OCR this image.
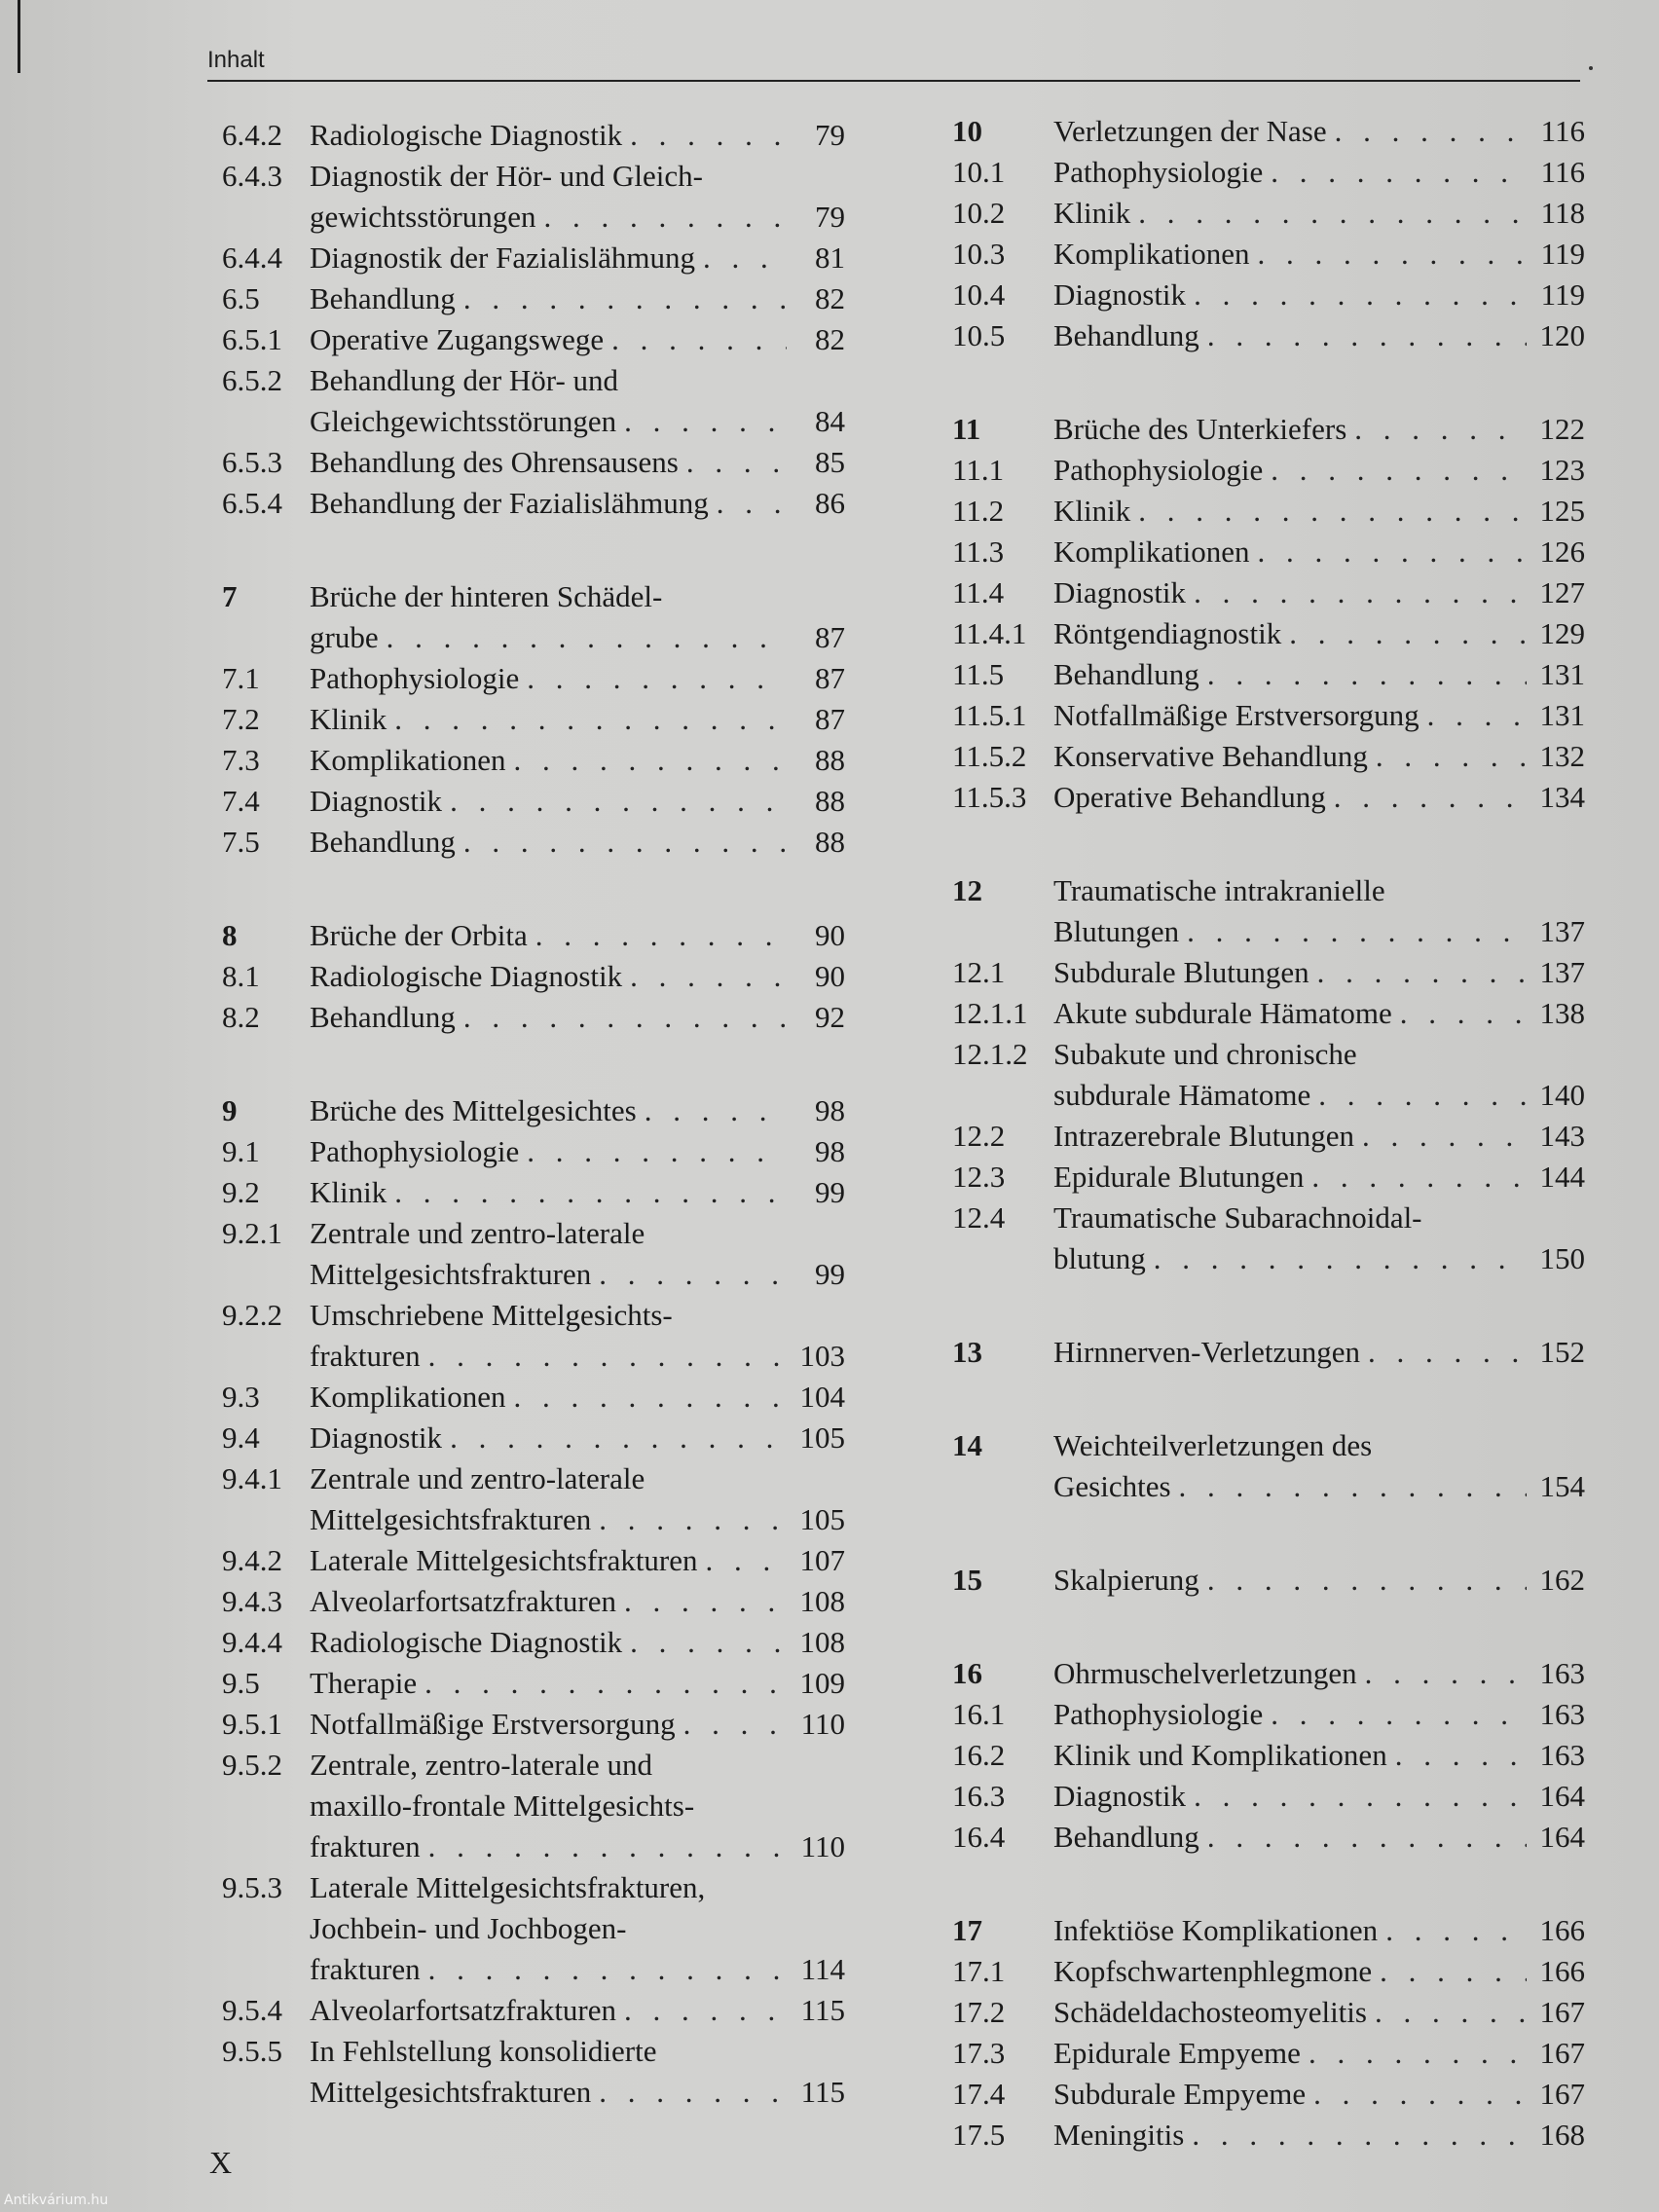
Inhalt
6.4.2 Radiologische Diagnostik . . .	79
6.4.3 Diagnostik der Hör- und Gleich-
gewichtsstörungen . . .	79
6.4.4 Diagnostik der Fazialislähmung . . .	81
6.5 Behandlung . . .	82
6.5.1 Operative Zugangswege . . .	82
6.5.2 Behandlung der Hör- und
Gleichgewichtsstörungen . . .	84
6.5.3 Behandlung des Ohrensausens . . .	85
6.5.4 Behandlung der Fazialislähmung . . .	86
7 Brüche der hinteren Schädel-
grube . . .	87
7.1 Pathophysiologie . . .	87
7.2 Klinik . . .	87
7.3 Komplikationen . . .	88
7.4 Diagnostik . . .	88
7.5 Behandlung . . .	88
8 Brüche der Orbita . . .	90
8.1 Radiologische Diagnostik . . .	90
8.2 Behandlung . . .	92
9 Brüche des Mittelgesichtes . . .	98
9.1 Pathophysiologie . . .	98
9.2 Klinik . . .	99
9.2.1 Zentrale und zentro-laterale
Mittelgesichtsfrakturen . . .	99
9.2.2 Umschriebene Mittelgesichts-
frakturen . . .	103
9.3 Komplikationen . . .	104
9.4 Diagnostik . . .	105
9.4.1 Zentrale und zentro-laterale
Mittelgesichtsfrakturen . . .	105
9.4.2 Laterale Mittelgesichtsfrakturen . . .	107
9.4.3 Alveolarfortsatzfrakturen . . .	108
9.4.4 Radiologische Diagnostik . . .	108
9.5 Therapie . . .	109
9.5.1 Notfallmäßige Erstversorgung . . .	110
9.5.2 Zentrale, zentro-laterale und
maxillo-frontale Mittelgesichts-
frakturen . . .	110
9.5.3 Laterale Mittelgesichtsfrakturen,
Jochbein- und Jochbogen-
frakturen . . .	114
9.5.4 Alveolarfortsatzfrakturen . . .	115
9.5.5 In Fehlstellung konsolidierte
Mittelgesichtsfrakturen . . .	115
10 Verletzungen der Nase . . .	116
10.1 Pathophysiologie . . .	116
10.2 Klinik . . .	118
10.3 Komplikationen . . .	119
10.4 Diagnostik . . .	119
10.5 Behandlung . . .	120
11 Brüche des Unterkiefers . . .	122
11.1 Pathophysiologie . . .	123
11.2 Klinik . . .	125
11.3 Komplikationen . . .	126
11.4 Diagnostik . . .	127
11.4.1 Röntgendiagnostik . . .	129
11.5 Behandlung . . .	131
11.5.1 Notfallmäßige Erstversorgung . . .	131
11.5.2 Konservative Behandlung . . .	132
11.5.3 Operative Behandlung . . .	134
12 Traumatische intrakranielle
Blutungen . . .	137
12.1 Subdurale Blutungen . . .	137
12.1.1 Akute subdurale Hämatome . . .	138
12.1.2 Subakute und chronische
subdurale Hämatome . . .	140
12.2 Intrazerebrale Blutungen . . .	143
12.3 Epidurale Blutungen . . .	144
12.4 Traumatische Subarachnoidal-
blutung . . .	150
13 Hirnnerven-Verletzungen . . .	152
14 Weichteilverletzungen des
Gesichtes . . .	154
15 Skalpierung . . .	162
16 Ohrmuschelverletzungen . . .	163
16.1 Pathophysiologie . . .	163
16.2 Klinik und Komplikationen . . .	163
16.3 Diagnostik . . .	164
16.4 Behandlung . . .	164
17 Infektiöse Komplikationen . . .	166
17.1 Kopfschwartenphlegmone . . .	166
17.2 Schädeldachosteomyelitis . . .	167
17.3 Epidurale Empyeme . . .	167
17.4 Subdurale Empyeme . . .	167
17.5 Meningitis . . .	168
X
Antikvárium.hu
